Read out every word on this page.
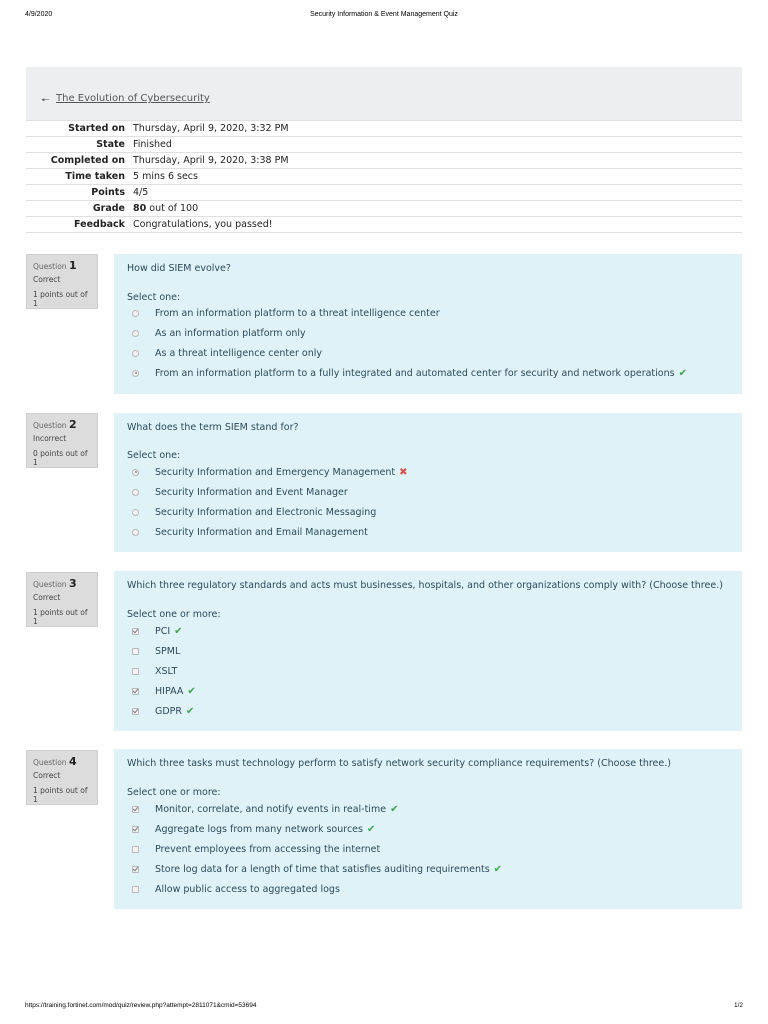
4/9/2020	Security Information & Event Management Quiz
🠔 The Evolution of Cybersecurity
Started on	Thursday, April 9, 2020, 3:32 PM
State	Finished
Completed on	Thursday, April 9, 2020, 3:38 PM
Time taken	5 mins 6 secs
Points	4/5
Grade	80 out of 100
Feedback	Congratulations, you passed!
Question 1
Correct
1 points out of 1
How did SIEM evolve?
Select one:
From an information platform to a threat intelligence center
As an information platform only
As a threat intelligence center only
From an information platform to a fully integrated and automated center for security and network operations ✔
Question 2
Incorrect
0 points out of 1
What does the term SIEM stand for?
Select one:
Security Information and Emergency Management ✖
Security Information and Event Manager
Security Information and Electronic Messaging
Security Information and Email Management
Question 3
Correct
1 points out of 1
Which three regulatory standards and acts must businesses, hospitals, and other organizations comply with? (Choose three.)
Select one or more:
PCI ✔
SPML
XSLT
HIPAA ✔
GDPR ✔
Question 4
Correct
1 points out of 1
Which three tasks must technology perform to satisfy network security compliance requirements? (Choose three.)
Select one or more:
Monitor, correlate, and notify events in real-time ✔
Aggregate logs from many network sources ✔
Prevent employees from accessing the internet
Store log data for a length of time that satisfies auditing requirements ✔
Allow public access to aggregated logs
https://training.fortinet.com/mod/quiz/review.php?attempt=2811071&cmid=53694	1/2
